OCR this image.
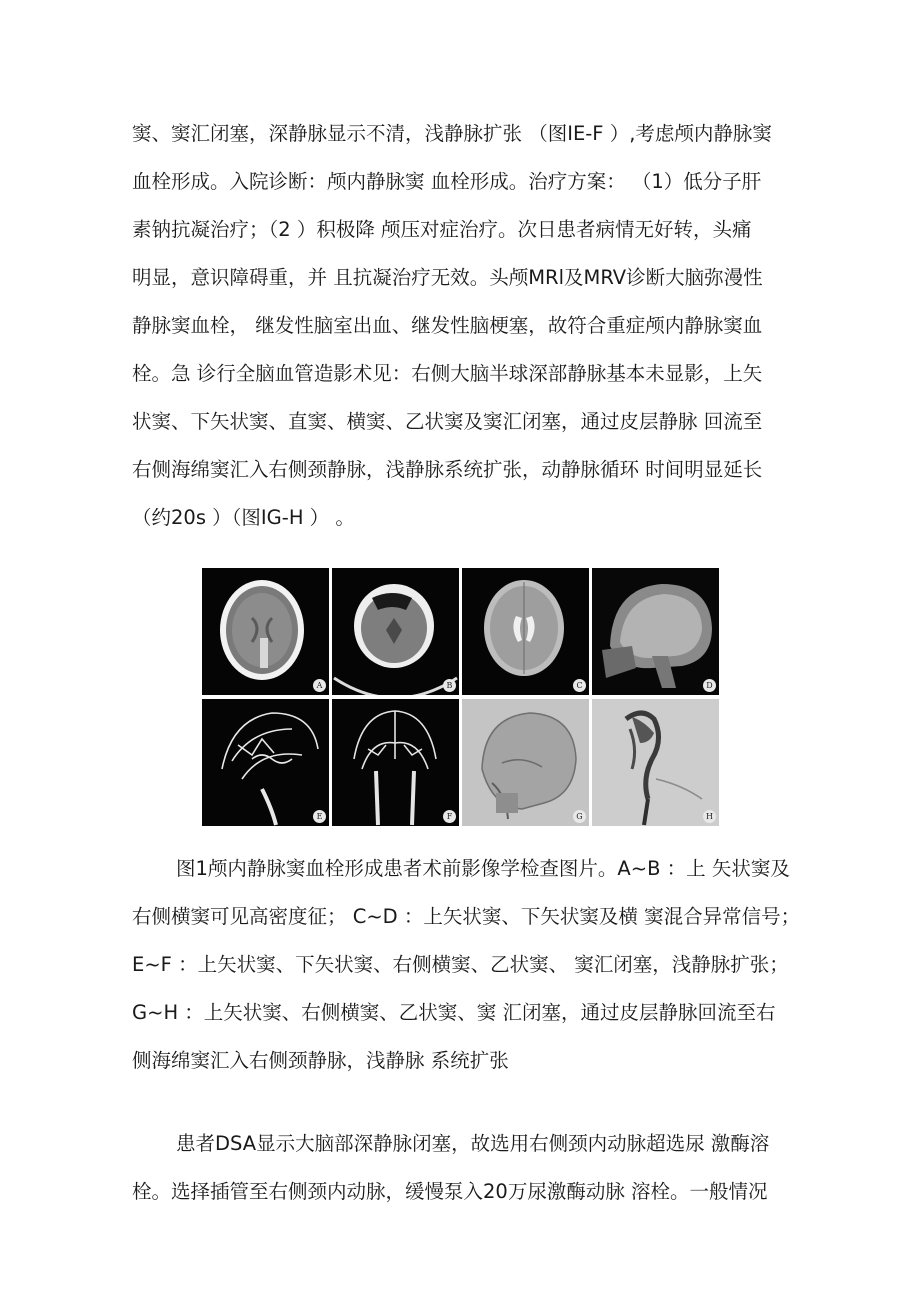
窦、窦汇闭塞，深静脉显示不清，浅静脉扩张 （图IE-F ）,考虑颅内静脉窦
血栓形成。入院诊断：颅内静脉窦 血栓形成。治疗方案： （1）低分子肝
素钠抗凝治疗；（2 ）积极降 颅压对症治疗。次日患者病情无好转，头痛
明显，意识障碍重，并 且抗凝治疗无效。头颅MRl及MRV诊断大脑弥漫性
静脉窦血栓， 继发性脑室出血、继发性脑梗塞，故符合重症颅内静脉窦血
栓。急 诊行全脑血管造影术见：右侧大脑半球深部静脉基本未显影，上矢
状窦、下矢状窦、直窦、横窦、乙状窦及窦汇闭塞，通过皮层静脉 回流至
右侧海绵窦汇入右侧颈静脉，浅静脉系统扩张，动静脉循环 时间明显延长
（约20s ）（图IG-H ） 。

A	B	C	D
E	F	G	H

图1颅内静脉窦血栓形成患者术前影像学检查图片。A~B ：上 矢状窦及
右侧横窦可见高密度征； C~D ：上矢状窦、下矢状窦及横 窦混合异常信号；
E~F ：上矢状窦、下矢状窦、右侧横窦、乙状窦、 窦汇闭塞，浅静脉扩张；
G~H ：上矢状窦、右侧横窦、乙状窦、窦 汇闭塞，通过皮层静脉回流至右
侧海绵窦汇入右侧颈静脉，浅静脉 系统扩张

患者DSA显示大脑部深静脉闭塞，故选用右侧颈内动脉超选尿 激酶溶
栓。选择插管至右侧颈内动脉，缓慢泵入20万尿激酶动脉 溶栓。一般情况
